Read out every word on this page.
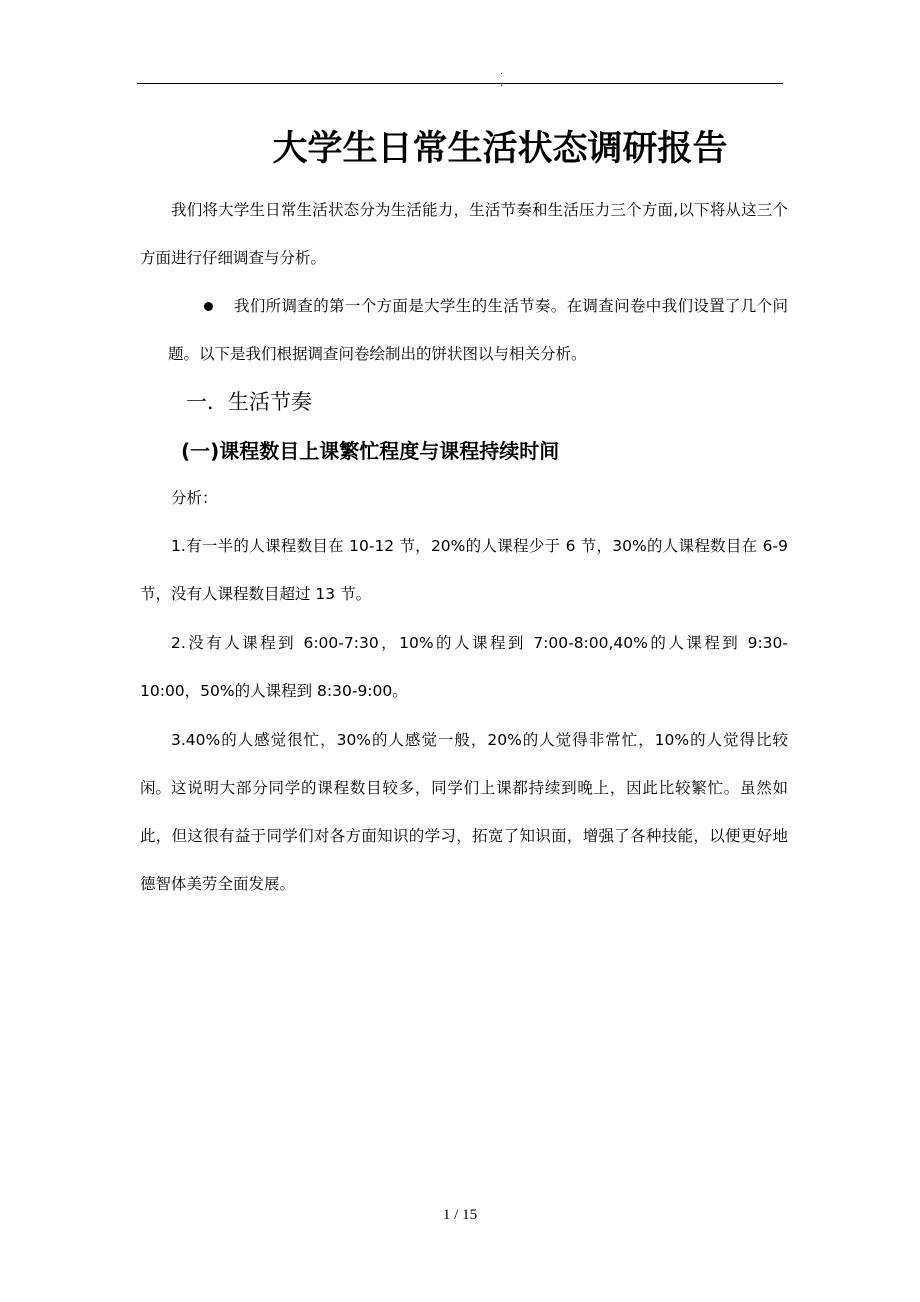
. .
大学生日常生活状态调研报告

我们将大学生日常生活状态分为生活能力，生活节奏和生活压力三个方面,以下将从这三个方面进行仔细调查与分析。

我们所调查的第一个方面是大学生的生活节奏。在调查问卷中我们设置了几个问题。以下是我们根据调查问卷绘制出的饼状图以与相关分析。

一．生活节奏
(一)课程数目上课繁忙程度与课程持续时间
分析：

1.有一半的人课程数目在 10-12 节，20%的人课程少于 6 节，30%的人课程数目在 6-9 节，没有人课程数目超过 13 节。

2.没有人课程到 6:00-7:30，10%的人课程到 7:00-8:00,40%的人课程到 9:30-10:00，50%的人课程到 8:30-9:00。

3.40%的人感觉很忙，30%的人感觉一般，20%的人觉得非常忙，10%的人觉得比较闲。 这说明大部分同学的课程数目较多，同学们上课都持续到晚上，因此比较繁忙。虽然如此，但这很有益于同学们对各方面知识的学习，拓宽了知识面，增强了各种技能，以便更好地德智体美劳全面发展。

1 / 15
